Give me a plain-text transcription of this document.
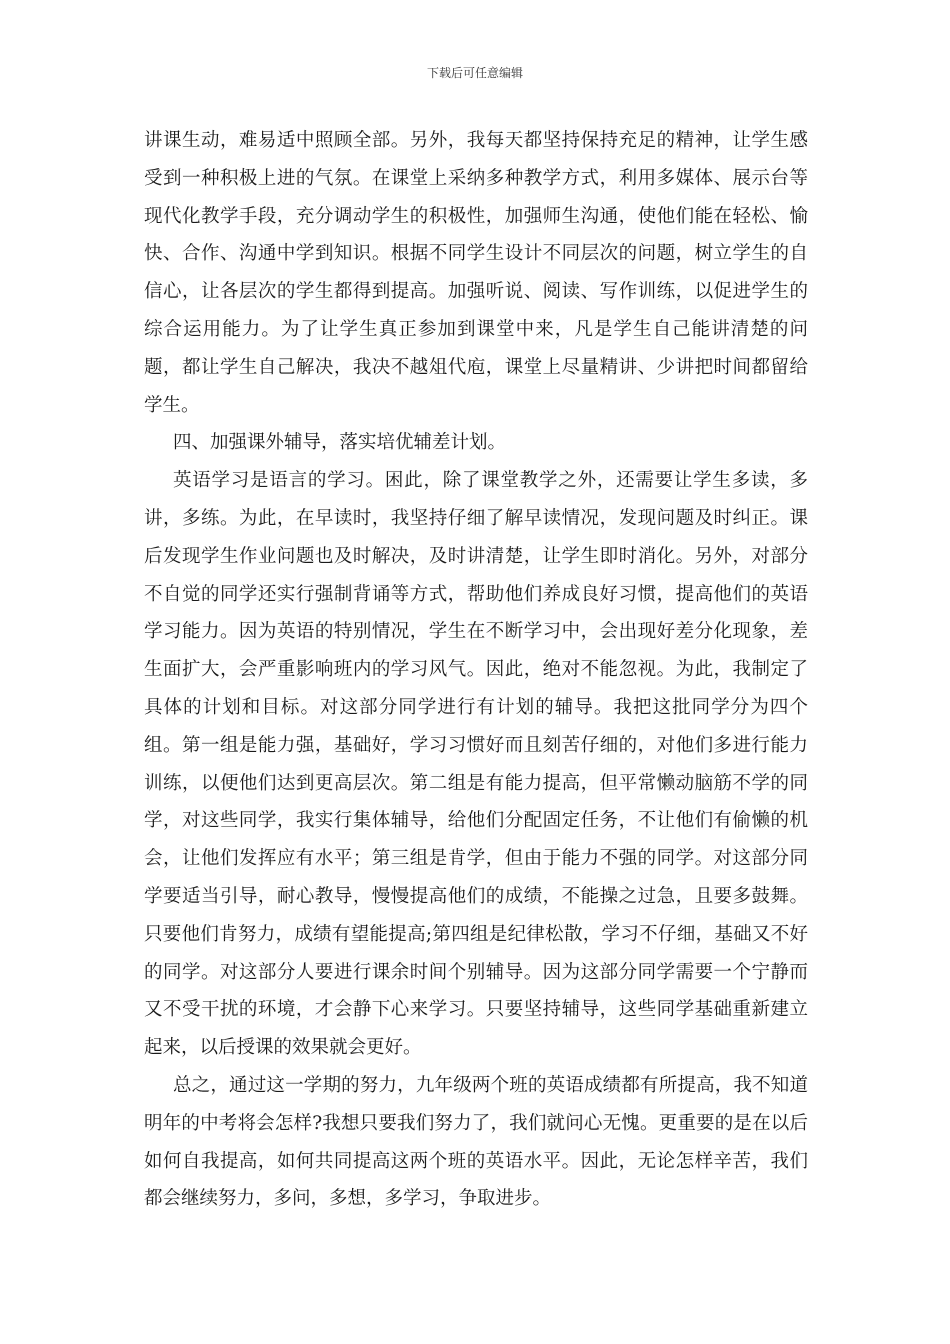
下载后可任意编辑

讲课生动，难易适中照顾全部。另外，我每天都坚持保持充足的精神，让学生感受到一种积极上进的气氛。在课堂上采纳多种教学方式，利用多媒体、展示台等现代化教学手段，充分调动学生的积极性，加强师生沟通，使他们能在轻松、愉快、合作、沟通中学到知识。根据不同学生设计不同层次的问题，树立学生的自信心，让各层次的学生都得到提高。加强听说、阅读、写作训练，以促进学生的综合运用能力。为了让学生真正参加到课堂中来，凡是学生自己能讲清楚的问题，都让学生自己解决，我决不越俎代庖，课堂上尽量精讲、少讲把时间都留给学生。

四、加强课外辅导，落实培优辅差计划。

英语学习是语言的学习。困此，除了课堂教学之外，还需要让学生多读，多讲，多练。为此，在早读时，我坚持仔细了解早读情况，发现问题及时纠正。课后发现学生作业问题也及时解决，及时讲清楚，让学生即时消化。另外，对部分不自觉的同学还实行强制背诵等方式，帮助他们养成良好习惯，提高他们的英语学习能力。因为英语的特别情况，学生在不断学习中，会出现好差分化现象，差生面扩大，会严重影响班内的学习风气。因此，绝对不能忽视。为此，我制定了具体的计划和目标。对这部分同学进行有计划的辅导。我把这批同学分为四个组。第一组是能力强，基础好，学习习惯好而且刻苦仔细的，对他们多进行能力训练，以便他们达到更高层次。第二组是有能力提高，但平常懒动脑筋不学的同学，对这些同学，我实行集体辅导，给他们分配固定任务，不让他们有偷懒的机会，让他们发挥应有水平；第三组是肯学，但由于能力不强的同学。对这部分同学要适当引导，耐心教导，慢慢提高他们的成绩，不能操之过急，且要多鼓舞。只要他们肯努力，成绩有望能提高;第四组是纪律松散，学习不仔细，基础又不好的同学。对这部分人要进行课余时间个别辅导。因为这部分同学需要一个宁静而又不受干扰的环境，才会静下心来学习。只要坚持辅导，这些同学基础重新建立起来，以后授课的效果就会更好。

总之，通过这一学期的努力，九年级两个班的英语成绩都有所提高，我不知道明年的中考将会怎样?我想只要我们努力了，我们就问心无愧。更重要的是在以后如何自我提高，如何共同提高这两个班的英语水平。因此，无论怎样辛苦，我们都会继续努力，多问，多想，多学习，争取进步。
